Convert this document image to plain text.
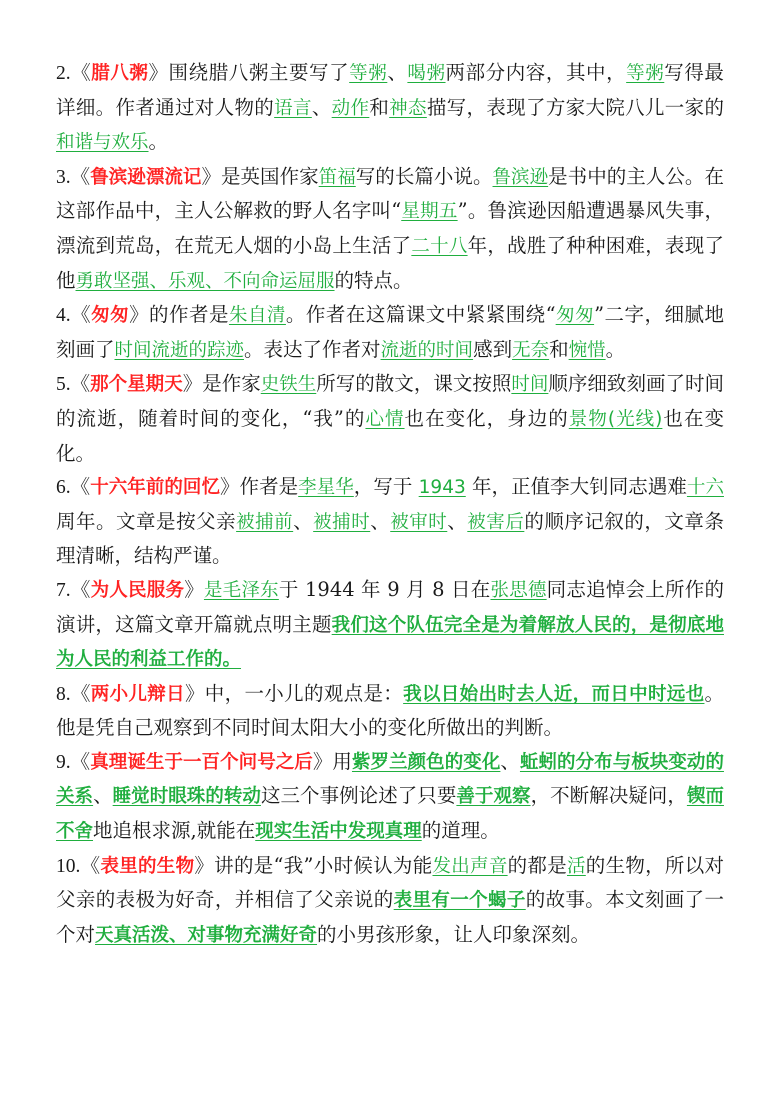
2.《腊八粥》围绕腊八粥主要写了等粥、喝粥两部分内容，其中，等粥写得最详细。作者通过对人物的语言、动作和神态描写，表现了方家大院八儿一家的和谐与欢乐。

3.《鲁滨逊漂流记》是英国作家笛福写的长篇小说。鲁滨逊是书中的主人公。在这部作品中，主人公解救的野人名字叫“星期五”。鲁滨逊因船遭遇暴风失事，漂流到荒岛，在荒无人烟的小岛上生活了二十八年，战胜了种种困难，表现了他勇敢坚强、乐观、不向命运屈服的特点。

4.《匆匆》的作者是朱自清。作者在这篇课文中紧紧围绕“匆匆”二字，细腻地刻画了时间流逝的踪迹。表达了作者对流逝的时间感到无奈和惋惜。

5.《那个星期天》是作家史铁生所写的散文，课文按照时间顺序细致刻画了时间的流逝，随着时间的变化，“我”的心情也在变化，身边的景物(光线)也在变化。

6.《十六年前的回忆》作者是李星华，写于 1943 年，正值李大钊同志遇难十六周年。文章是按父亲被捕前、被捕时、被审时、被害后的顺序记叙的，文章条理清晰，结构严谨。

7.《为人民服务》是毛泽东于 1944 年 9 月 8 日在张思德同志追悼会上所作的演讲，这篇文章开篇就点明主题我们这个队伍完全是为着解放人民的，是彻底地为人民的利益工作的。

8.《两小儿辩日》中，一小儿的观点是：我以日始出时去人近，而日中时远也。他是凭自己观察到不同时间太阳大小的变化所做出的判断。

9.《真理诞生于一百个问号之后》用紫罗兰颜色的变化、蚯蚓的分布与板块变动的关系、睡觉时眼珠的转动这三个事例论述了只要善于观察，不断解决疑问，锲而不舍地追根求源,就能在现实生活中发现真理的道理。

10.《表里的生物》讲的是“我”小时候认为能发出声音的都是活的生物，所以对父亲的表极为好奇，并相信了父亲说的表里有一个蝎子的故事。本文刻画了一个对天真活泼、对事物充满好奇的小男孩形象，让人印象深刻。
